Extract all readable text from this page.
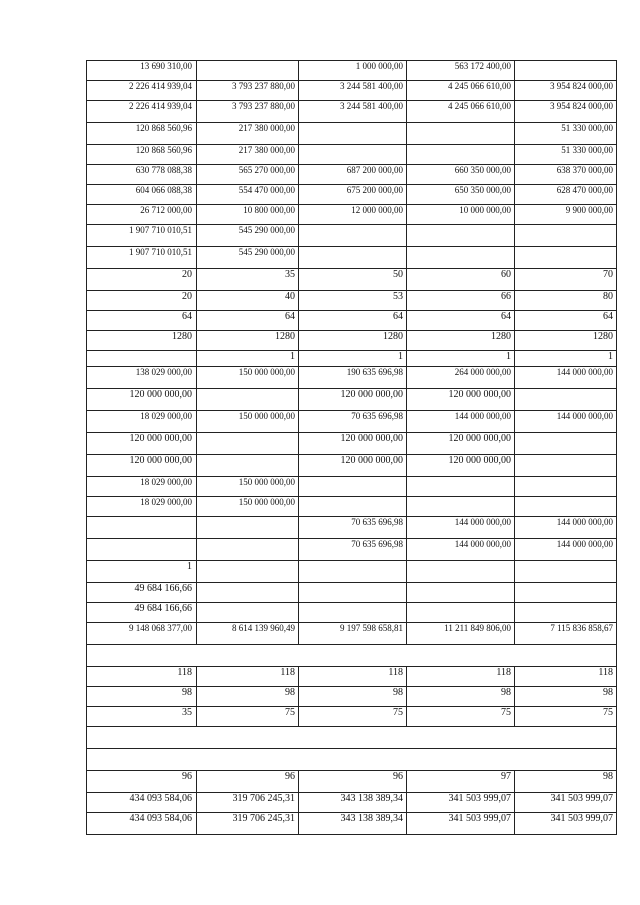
13 690 310,00		1 000 000,00	563 172 400,00	
2 226 414 939,04	3 793 237 880,00	3 244 581 400,00	4 245 066 610,00	3 954 824 000,00
2 226 414 939,04	3 793 237 880,00	3 244 581 400,00	4 245 066 610,00	3 954 824 000,00
120 868 560,96	217 380 000,00			51 330 000,00
120 868 560,96	217 380 000,00			51 330 000,00
630 778 088,38	565 270 000,00	687 200 000,00	660 350 000,00	638 370 000,00
604 066 088,38	554 470 000,00	675 200 000,00	650 350 000,00	628 470 000,00
26 712 000,00	10 800 000,00	12 000 000,00	10 000 000,00	9 900 000,00
1 907 710 010,51	545 290 000,00			
1 907 710 010,51	545 290 000,00			
20	35	50	60	70
20	40	53	66	80
64	64	64	64	64
1280	1280	1280	1280	1280
	1	1	1	1
138 029 000,00	150 000 000,00	190 635 696,98	264 000 000,00	144 000 000,00
120 000 000,00		120 000 000,00	120 000 000,00	
18 029 000,00	150 000 000,00	70 635 696,98	144 000 000,00	144 000 000,00
120 000 000,00		120 000 000,00	120 000 000,00	
120 000 000,00		120 000 000,00	120 000 000,00	
18 029 000,00	150 000 000,00			
18 029 000,00	150 000 000,00			
		70 635 696,98	144 000 000,00	144 000 000,00
		70 635 696,98	144 000 000,00	144 000 000,00
1				
49 684 166,66				
49 684 166,66				
9 148 068 377,00	8 614 139 960,49	9 197 598 658,81	11 211 849 806,00	7 115 836 858,67

118	118	118	118	118
98	98	98	98	98
35	75	75	75	75

96	96	96	97	98
434 093 584,06	319 706 245,31	343 138 389,34	341 503 999,07	341 503 999,07
434 093 584,06	319 706 245,31	343 138 389,34	341 503 999,07	341 503 999,07
